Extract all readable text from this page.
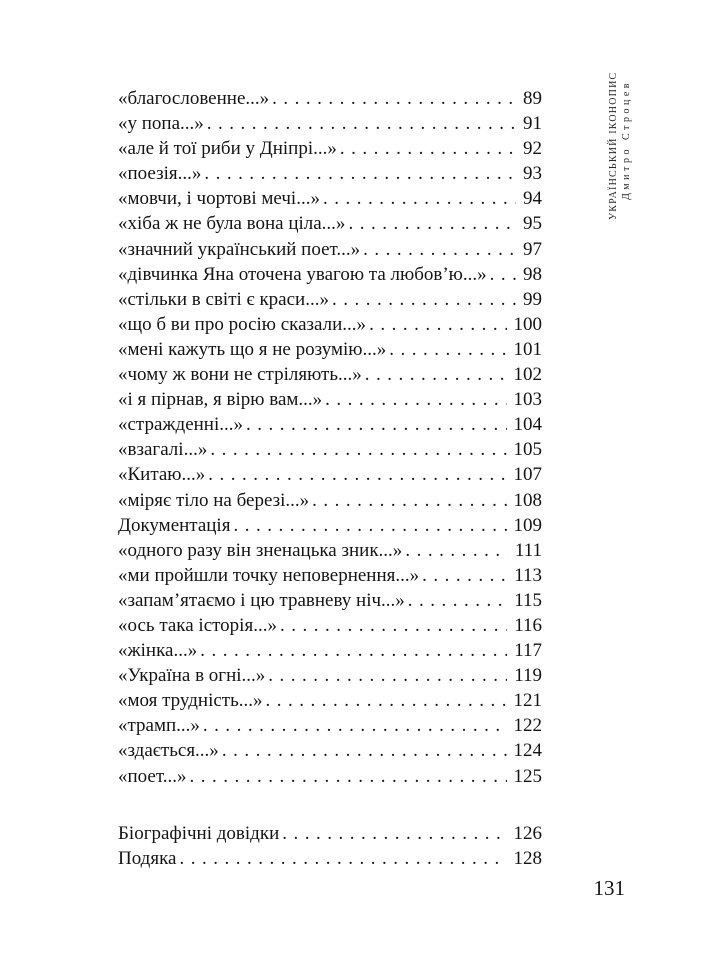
УКРАЇНСЬКИЙ ІКОНОПИС Дмитро Строцев
«благословенне...» .....	89
«у попа...» .....	91
«але й тої риби у Дніпрі...» .....	92
«поезія...» .....	93
«мовчи, і чортові мечі...» .....	94
«хіба ж не була вона ціла...» .....	95
«значний український поет...» .....	97
«дівчинка Яна оточена увагою та любов’ю...» .....	98
«стільки в світі є краси...» .....	99
«що б ви про росію сказали...» .....	100
«мені кажуть що я не розумію...» .....	101
«чому ж вони не стріляють...» .....	102
«і я пірнав, я вірю вам...» .....	103
«стражденні...» .....	104
«взагалі...» .....	105
«Китаю...» .....	107
«міряє тіло на березі...» .....	108
Документація .....	109
«одного разу він зненацька зник...» .....	111
«ми пройшли точку неповернення...» .....	113
«запам’ятаємо і цю травневу ніч...» .....	115
«ось така історія...» .....	116
«жінка...» .....	117
«Україна в огні...» .....	119
«моя трудність...» .....	121
«трамп...» .....	122
«здається...» .....	124
«поет...» .....	125
Біографічні довідки .....	126
Подяка .....	128
131
